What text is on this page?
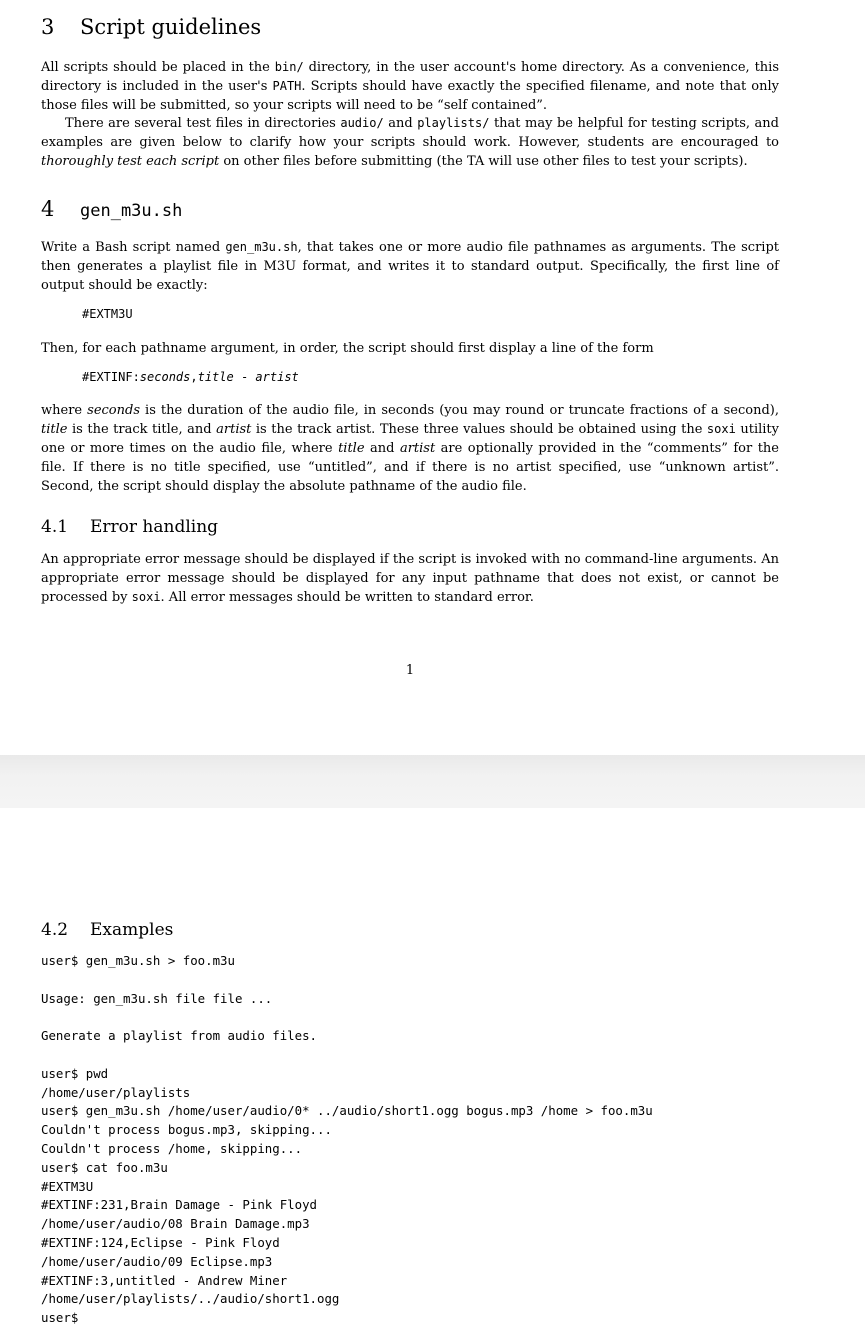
3 Script guidelines

All scripts should be placed in the bin/ directory, in the user account's home directory. As a convenience, this directory is included in the user's PATH. Scripts should have exactly the specified filename, and note that only those files will be submitted, so your scripts will need to be “self contained”.

There are several test files in directories audio/ and playlists/ that may be helpful for testing scripts, and examples are given below to clarify how your scripts should work. However, students are encouraged to thoroughly test each script on other files before submitting (the TA will use other files to test your scripts).

4 gen_m3u.sh

Write a Bash script named gen_m3u.sh, that takes one or more audio file pathnames as arguments. The script then generates a playlist file in M3U format, and writes it to standard output. Specifically, the first line of output should be exactly:

#EXTM3U

Then, for each pathname argument, in order, the script should first display a line of the form

#EXTINF:seconds,title - artist

where seconds is the duration of the audio file, in seconds (you may round or truncate fractions of a second), title is the track title, and artist is the track artist. These three values should be obtained using the soxi utility one or more times on the audio file, where title and artist are optionally provided in the “comments” for the file. If there is no title specified, use “untitled”, and if there is no artist specified, use “unknown artist”. Second, the script should display the absolute pathname of the audio file.

4.1 Error handling

An appropriate error message should be displayed if the script is invoked with no command-line arguments. An appropriate error message should be displayed for any input pathname that does not exist, or cannot be processed by soxi. All error messages should be written to standard error.

1
4.2 Examples
user$ gen_m3u.sh > foo.m3u

Usage: gen_m3u.sh file file ...

Generate a playlist from audio files.

user$ pwd
/home/user/playlists
user$ gen_m3u.sh /home/user/audio/0* ../audio/short1.ogg bogus.mp3 /home > foo.m3u
Couldn't process bogus.mp3, skipping...
Couldn't process /home, skipping...
user$ cat foo.m3u
#EXTM3U
#EXTINF:231,Brain Damage - Pink Floyd
/home/user/audio/08 Brain Damage.mp3
#EXTINF:124,Eclipse - Pink Floyd
/home/user/audio/09 Eclipse.mp3
#EXTINF:3,untitled - Andrew Miner
/home/user/playlists/../audio/short1.ogg
user$
